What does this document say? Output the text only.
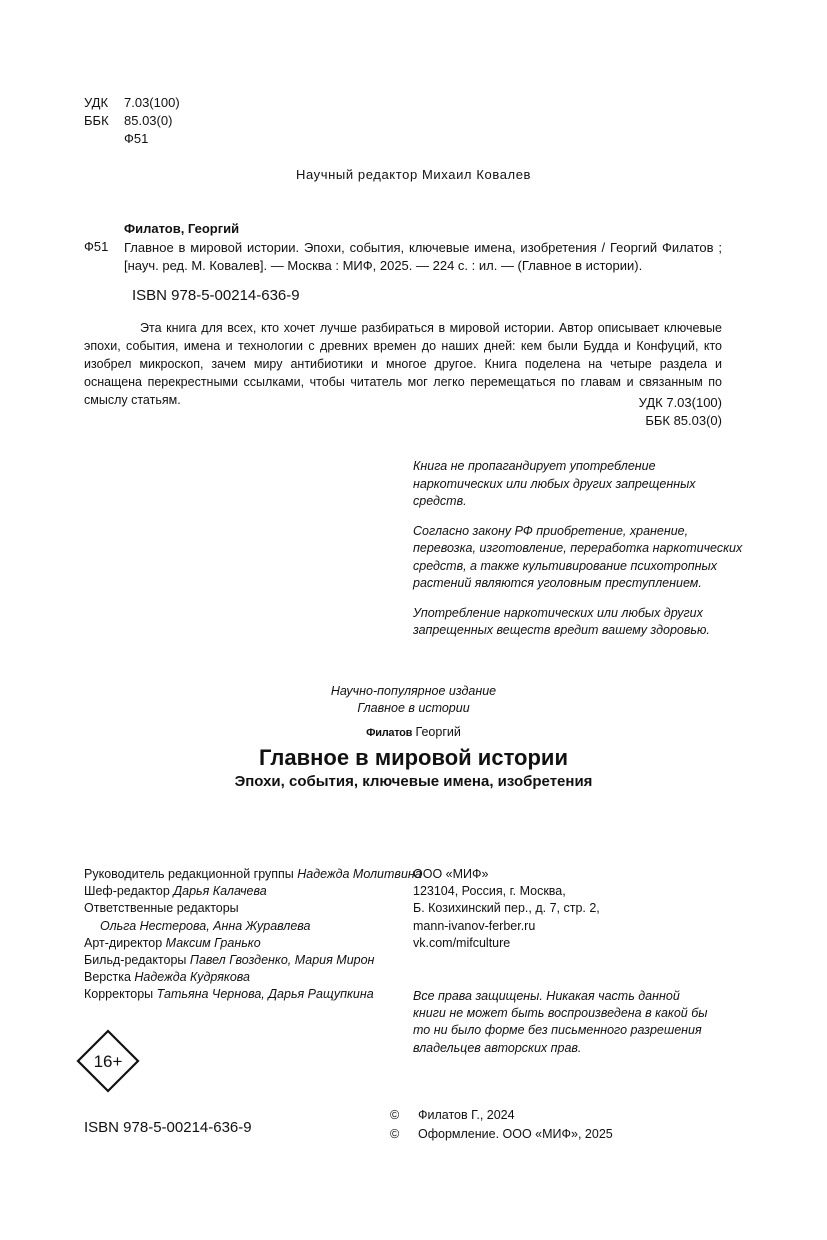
УДК	7.03(100)
ББК	85.03(0)
Ф51
Научный редактор Михаил Ковалев
Филатов, Георгий
Ф51 Главное в мировой истории. Эпохи, события, ключевые имена, изобретения / Георгий Филатов ; [науч. ред. М. Ковалев]. — Москва : МИФ, 2025. — 224 с. : ил. — (Главное в истории).
ISBN 978-5-00214-636-9
Эта книга для всех, кто хочет лучше разбираться в мировой истории. Автор описывает ключевые эпохи, события, имена и технологии с древних времен до наших дней: кем были Будда и Конфуций, кто изобрел микроскоп, зачем миру антибиотики и многое другое. Книга поделена на четыре раздела и оснащена перекрестными ссылками, чтобы читатель мог легко перемещаться по главам и связанным по смыслу статьям.	УДК 7.03(100)
ББК 85.03(0)

Книга не пропагандирует употребление наркотических или любых других запрещенных средств.

Согласно закону РФ приобретение, хранение, перевозка, изготовление, переработка наркотических средств, а также культивирование психотропных растений являются уголовным преступлением.

Употребление наркотических или любых других запрещенных веществ вредит вашему здоровью.

Научно-популярное издание
Главное в истории
Филатов Георгий
Главное в мировой истории
Эпохи, события, ключевые имена, изобретения
Руководитель редакционной группы Надежда Молитвина
Шеф-редактор Дарья Калачева
Ответственные редакторы
Ольга Нестерова, Анна Журавлева
Арт-директор Максим Гранько
Бильд-редакторы Павел Гвозденко, Мария Мирон
Верстка Надежда Кудрякова
Корректоры Татьяна Чернова, Дарья Ращупкина
ООО «МИФ»
123104, Россия, г. Москва,
Б. Козихинский пер., д. 7, стр. 2,
mann-ivanov-ferber.ru
vk.com/mifculture
Все права защищены. Никакая часть данной книги не может быть воспроизведена в какой бы то ни было форме без письменного разрешения владельцев авторских прав.
16+
ISBN 978-5-00214-636-9
©	Филатов Г., 2024
©	Оформление. ООО «МИФ», 2025
